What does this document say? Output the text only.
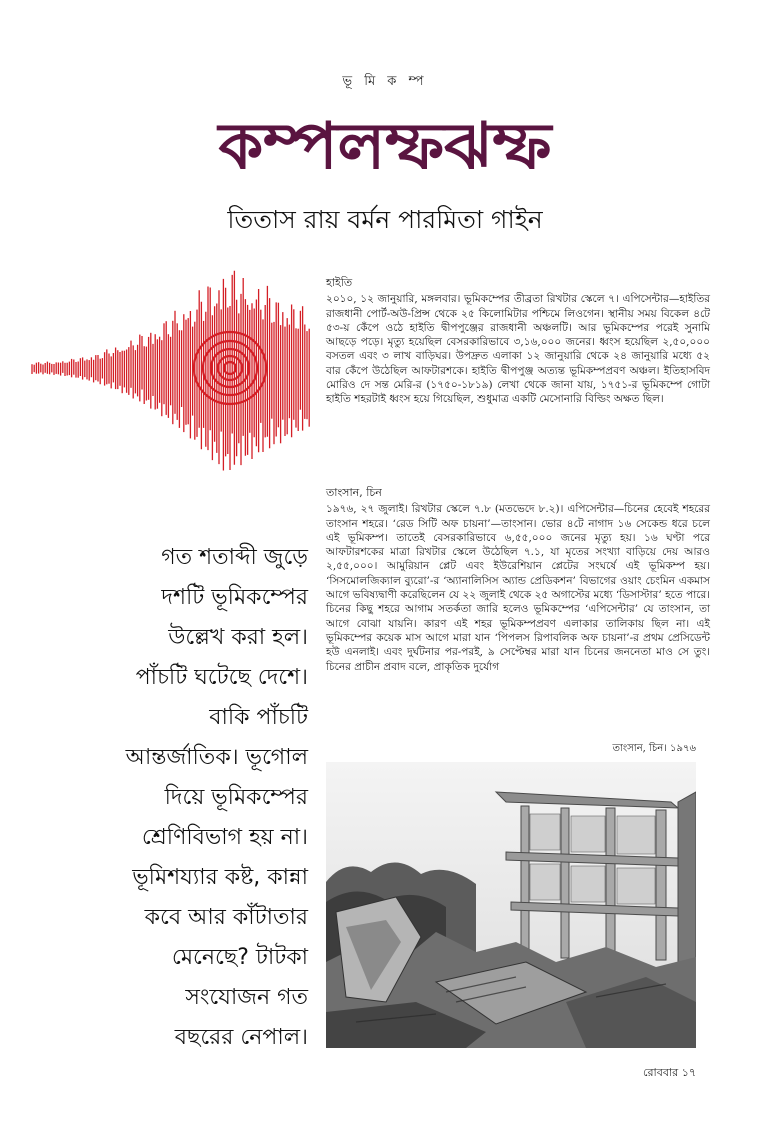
ভূ মি ক ম্প
কম্পলম্ফঝম্ফ
তিতাস রায় বর্মন পারমিতা গাইন
হাইতি

২০১০, ১২ জানুয়ারি, মঙ্গলবার। ভূমিকম্পের তীব্রতা রিখটার স্কেলে ৭। এপিসেন্টার—হাইতির রাজধানী পোর্ট-অউ-প্রিন্স থেকে ২৫ কিলোমিটার পশ্চিমে লিওগেন। স্থানীয় সময় বিকেল ৪টে ৫৩-য় কেঁপে ওঠে হাইতি দ্বীপপুঞ্জের রাজধানী অঞ্চলটি। আর ভূমিকম্পের পরেই সুনামি আছড়ে পড়ে। মৃত্যু হয়েছিল বেসরকারিভাবে ৩,১৬,০০০ জনের। ধ্বংস হয়েছিল ২,৫০,০০০ বসতল এবং ৩ লাখ বাড়িঘর। উপদ্রুত এলাকা ১২ জানুয়ারি থেকে ২৪ জানুয়ারি মধ্যে ৫২ বার কেঁপে উঠেছিল আফটারশকে। হাইতি দ্বীপপুঞ্জ অত্যন্ত ভূমিকম্পপ্রবণ অঞ্চল। ইতিহাসবিদ মোরিও দে সন্ত মেরি-র (১৭৫০-১৮১৯) লেখা থেকে জানা যায়, ১৭৫১-র ভূমিকম্পে গোটা হাইতি শহরটাই ধ্বংস হয়ে গিয়েছিল, শুধুমাত্র একটি মেসোনারি বিল্ডিং অক্ষত ছিল।

তাংসান, চিন

১৯৭৬, ২৭ জুলাই। রিখটার স্কেলে ৭.৮ (মতভেদে ৮.২)। এপিসেন্টার—চিনের হেবেই শহরের তাংসান শহরে। ‘রেড সিটি অফ চায়না’—তাংসান। ভোর ৪টে নাগাদ ১৬ সেকেন্ড ধরে চলে এই ভূমিকম্প। তাতেই বেসরকারিভাবে ৬,৫৫,০০০ জনের মৃত্যু হয়। ১৬ ঘণ্টা পরে আফটারশকের মাত্রা রিখটার স্কেলে উঠেছিল ৭.১, যা মৃতের সংখ্যা বাড়িয়ে দেয় আরও ২,৫৫,০০০। আমুরিয়ান প্লেট এবং ইউরেশিয়ান প্লেটের সংঘর্ষে এই ভূমিকম্প হয়। ‘সিসমোলজিক্যাল ব্যুরো’-র ‘অ্যানালিসিস অ্যান্ড প্রেডিকশন’ বিভাগের ওয়াং চেংমিন একমাস আগে ভবিষ্যদ্বাণী করেছিলেন যে ২২ জুলাই থেকে ২৫ অগাস্টের মধ্যে ‘ডিসাস্টার’ হতে পারে। চিনের কিছু শহরে আগাম সতর্কতা জারি হলেও ভূমিকম্পের ‘এপিসেন্টার’ যে তাংসান, তা আগে বোঝা যায়নি। কারণ এই শহর ভূমিকম্পপ্রবণ এলাকার তালিকায় ছিল না। এই ভূমিকম্পের কয়েক মাস আগে মারা যান ‘পিপলস রিপাবলিক অফ চায়না’-র প্রথম প্রেসিডেন্ট হউ এনলাই। এবং দুর্ঘটনার পর-পরই, ৯ সেপ্টেম্বর মারা যান চিনের জননেতা মাও সে তুং। চিনের প্রাচীন প্রবাদ বলে, প্রাকৃতিক দুর্যোগ

তাংসান, চিন। ১৯৭৬
গত শতাব্দী জুড়ে
দশটি ভূমিকম্পের
উল্লেখ করা হল।
পাঁচটি ঘটেছে দেশে।
বাকি পাঁচটি
আন্তর্জাতিক। ভূগোল
দিয়ে ভূমিকম্পের
শ্রেণিবিভাগ হয় না।
ভূমিশয্যার কষ্ট, কান্না
কবে আর কাঁটাতার
মেনেছে? টাটকা
সংযোজন গত
বছরের নেপাল।
রোববার ১৭
